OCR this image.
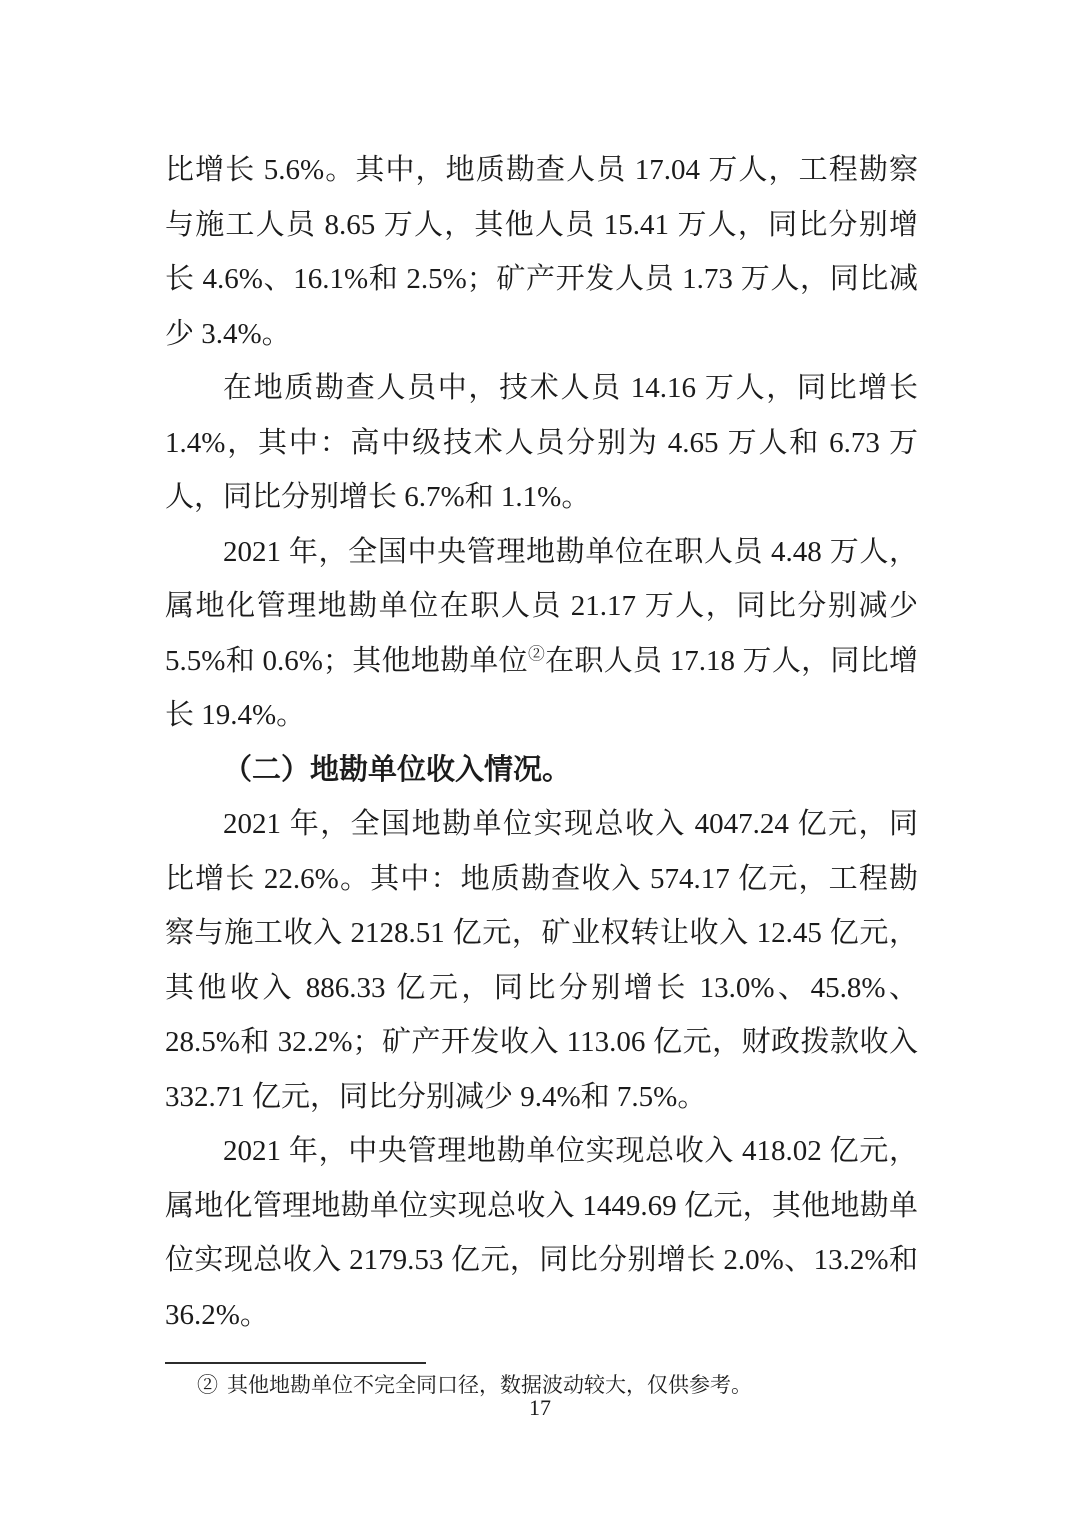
比增长 5.6%。其中，地质勘查人员 17.04 万人，工程勘察与施工人员 8.65 万人，其他人员 15.41 万人，同比分别增长 4.6%、16.1%和 2.5%；矿产开发人员 1.73 万人，同比减少 3.4%。

在地质勘查人员中，技术人员 14.16 万人，同比增长 1.4%，其中：高中级技术人员分别为 4.65 万人和 6.73 万人，同比分别增长 6.7%和 1.1%。

2021 年，全国中央管理地勘单位在职人员 4.48 万人，属地化管理地勘单位在职人员 21.17 万人，同比分别减少 5.5%和 0.6%；其他地勘单位②在职人员 17.18 万人，同比增长 19.4%。

（二）地勘单位收入情况。

2021 年，全国地勘单位实现总收入 4047.24 亿元，同比增长 22.6%。其中：地质勘查收入 574.17 亿元，工程勘察与施工收入 2128.51 亿元，矿业权转让收入 12.45 亿元，其他收入 886.33 亿元，同比分别增长 13.0%、45.8%、28.5%和 32.2%；矿产开发收入 113.06 亿元，财政拨款收入 332.71 亿元，同比分别减少 9.4%和 7.5%。

2021 年，中央管理地勘单位实现总收入 418.02 亿元，属地化管理地勘单位实现总收入 1449.69 亿元，其他地勘单位实现总收入 2179.53 亿元，同比分别增长 2.0%、13.2%和 36.2%。

② 其他地勘单位不完全同口径，数据波动较大，仅供参考。
17
